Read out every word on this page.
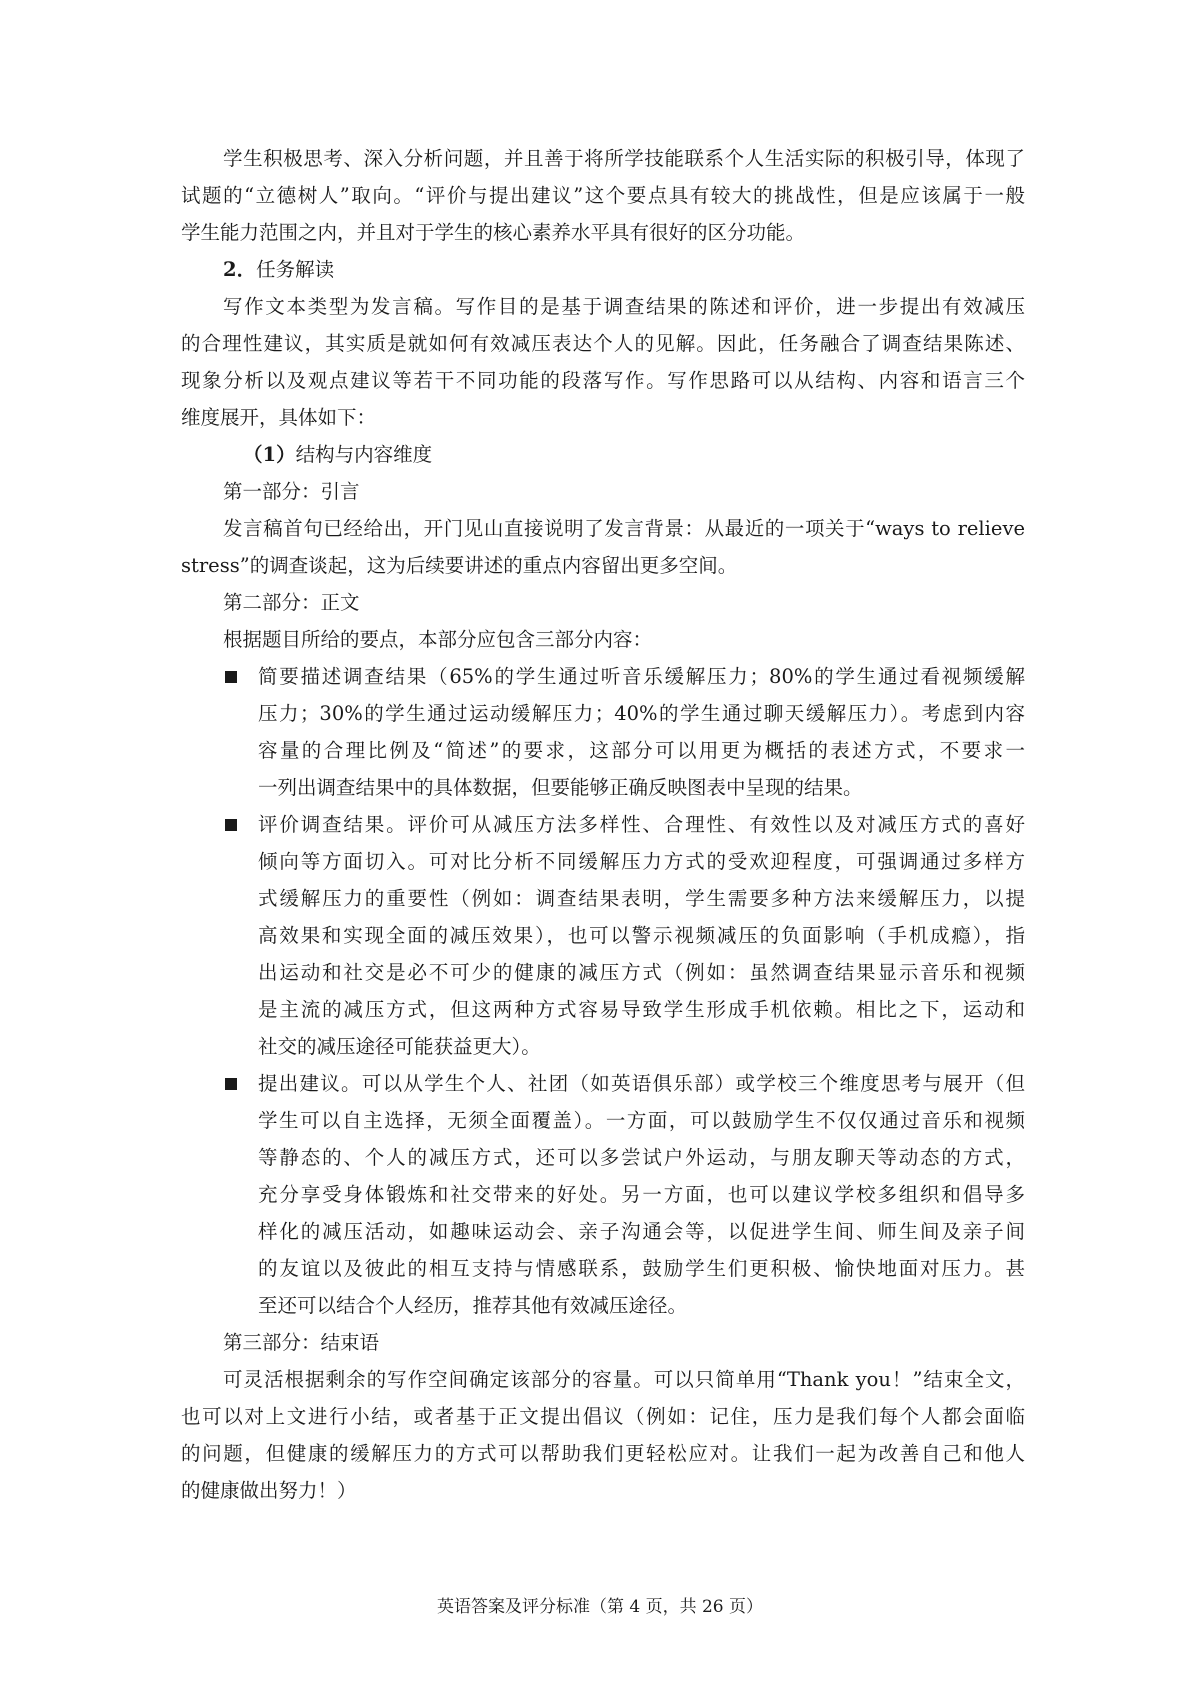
学生积极思考、深入分析问题，并且善于将所学技能联系个人生活实际的积极引导，体现了
试题的“立德树人”取向。“评价与提出建议”这个要点具有较大的挑战性，但是应该属于一般
学生能力范围之内，并且对于学生的核心素养水平具有很好的区分功能。
2．任务解读
写作文本类型为发言稿。写作目的是基于调查结果的陈述和评价，进一步提出有效减压
的合理性建议，其实质是就如何有效减压表达个人的见解。因此，任务融合了调查结果陈述、
现象分析以及观点建议等若干不同功能的段落写作。写作思路可以从结构、内容和语言三个
维度展开，具体如下：
（1）结构与内容维度
第一部分：引言
发言稿首句已经给出，开门见山直接说明了发言背景：从最近的一项关于“ways to relieve
stress”的调查谈起，这为后续要讲述的重点内容留出更多空间。
第二部分：正文
根据题目所给的要点，本部分应包含三部分内容：
简要描述调查结果（65%的学生通过听音乐缓解压力；80%的学生通过看视频缓解
压力；30%的学生通过运动缓解压力；40%的学生通过聊天缓解压力）。考虑到内容
容量的合理比例及“简述”的要求，这部分可以用更为概括的表述方式，不要求一
一列出调查结果中的具体数据，但要能够正确反映图表中呈现的结果。
评价调查结果。评价可从减压方法多样性、合理性、有效性以及对减压方式的喜好
倾向等方面切入。可对比分析不同缓解压力方式的受欢迎程度，可强调通过多样方
式缓解压力的重要性（例如：调查结果表明，学生需要多种方法来缓解压力，以提
高效果和实现全面的减压效果），也可以警示视频减压的负面影响（手机成瘾），指
出运动和社交是必不可少的健康的减压方式（例如：虽然调查结果显示音乐和视频
是主流的减压方式，但这两种方式容易导致学生形成手机依赖。相比之下，运动和
社交的减压途径可能获益更大）。
提出建议。可以从学生个人、社团（如英语俱乐部）或学校三个维度思考与展开（但
学生可以自主选择，无须全面覆盖）。一方面，可以鼓励学生不仅仅通过音乐和视频
等静态的、个人的减压方式，还可以多尝试户外运动，与朋友聊天等动态的方式，
充分享受身体锻炼和社交带来的好处。另一方面，也可以建议学校多组织和倡导多
样化的减压活动，如趣味运动会、亲子沟通会等，以促进学生间、师生间及亲子间
的友谊以及彼此的相互支持与情感联系，鼓励学生们更积极、愉快地面对压力。甚
至还可以结合个人经历，推荐其他有效减压途径。
第三部分：结束语
可灵活根据剩余的写作空间确定该部分的容量。可以只简单用“Thank you！”结束全文，
也可以对上文进行小结，或者基于正文提出倡议（例如：记住，压力是我们每个人都会面临
的问题，但健康的缓解压力的方式可以帮助我们更轻松应对。让我们一起为改善自己和他人
的健康做出努力！）
英语答案及评分标准（第 4 页，共 26 页）
